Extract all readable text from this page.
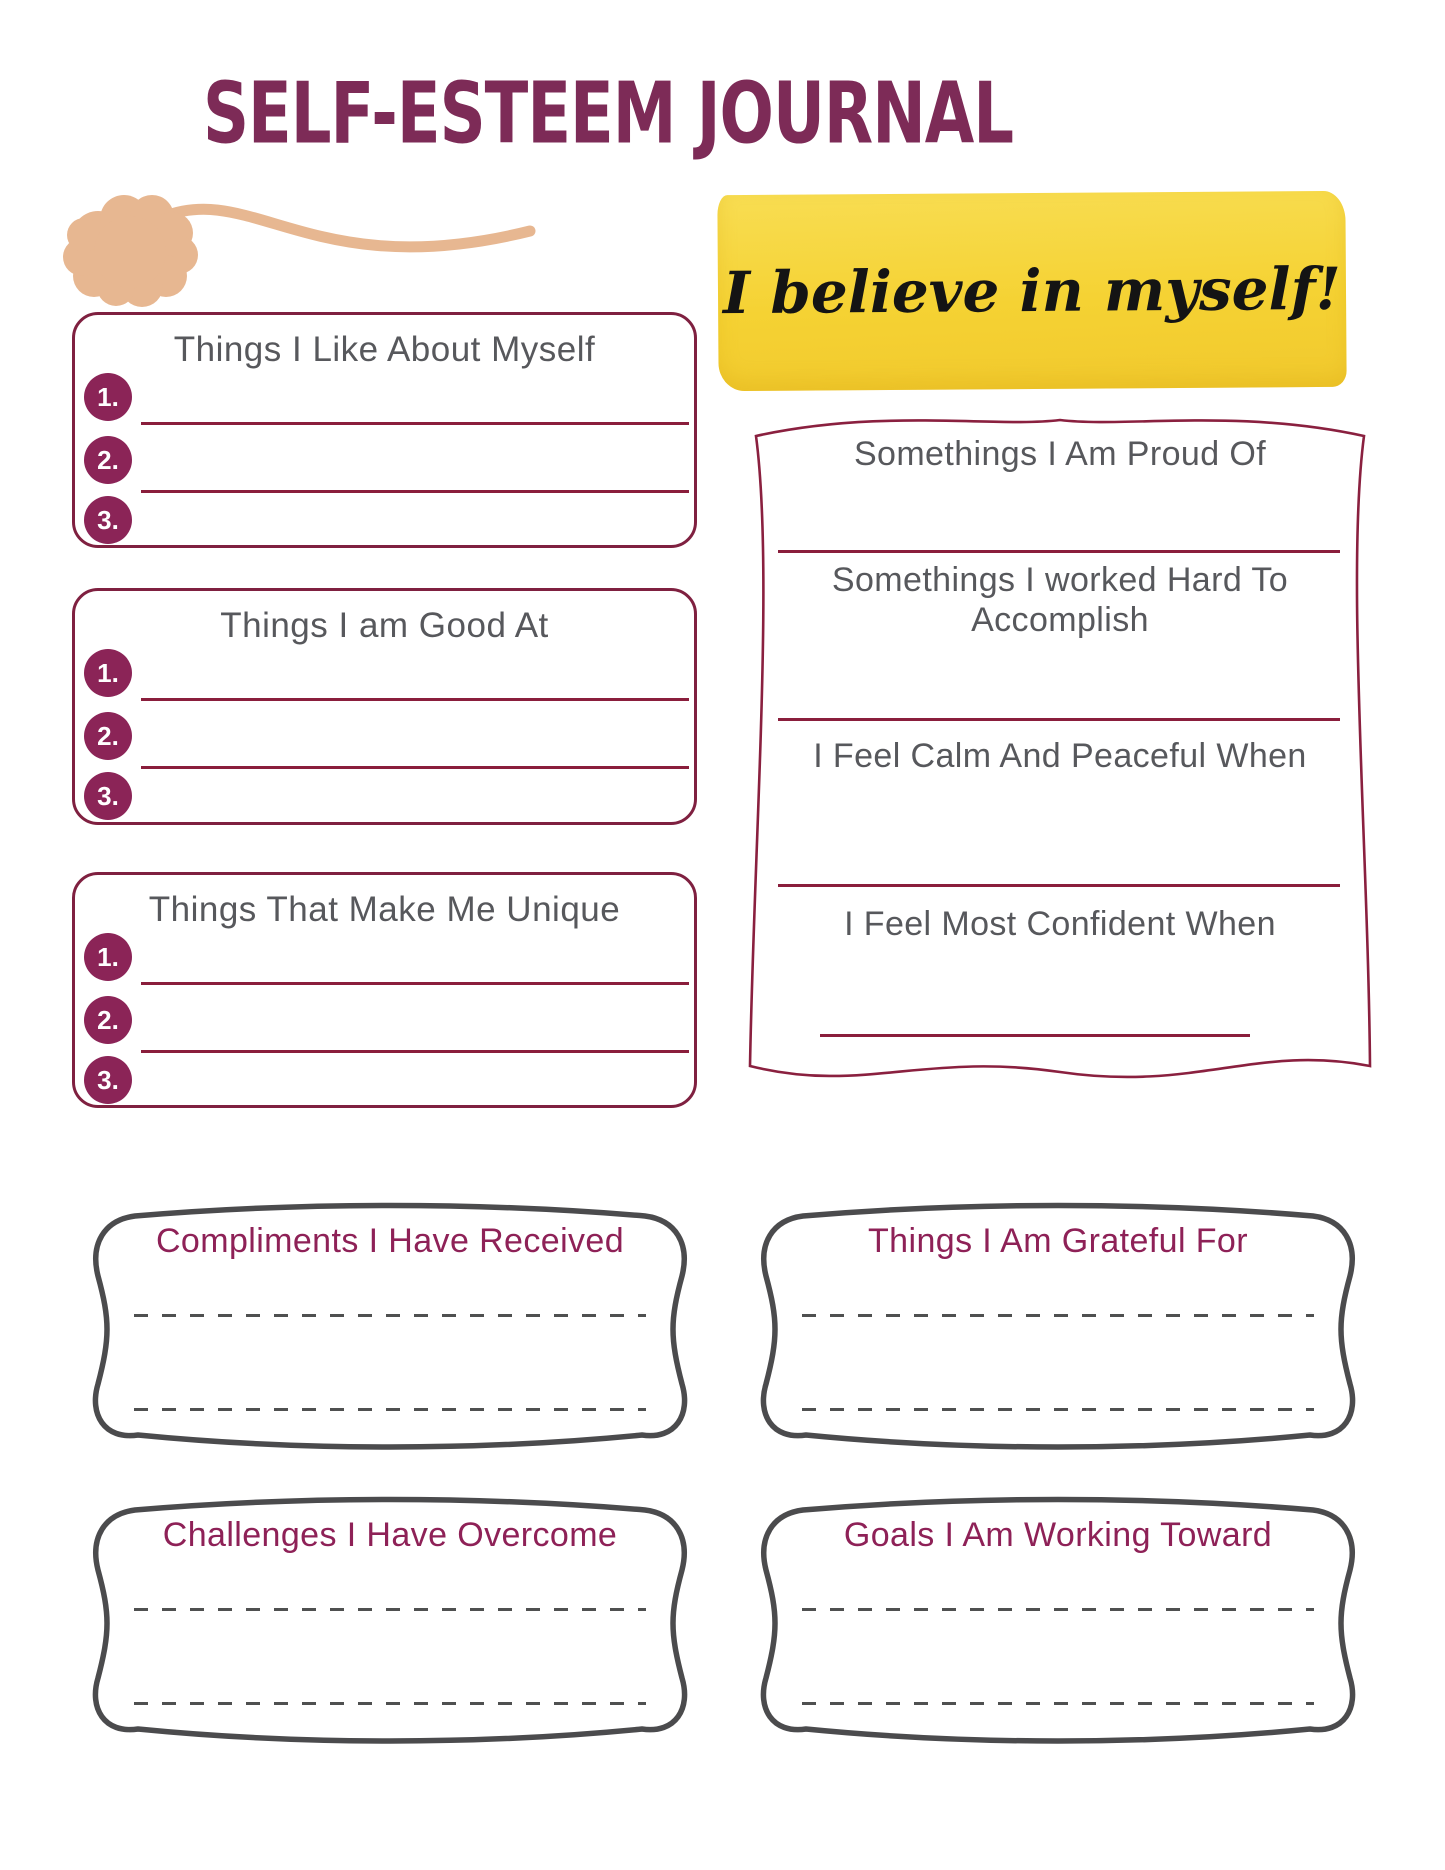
SELF-ESTEEM JOURNAL
I believe in myself!
Things I Like About Myself
1.
2.
3.
Things I am Good At
1.
2.
3.
Things That Make Me Unique
1.
2.
3.
Somethings I Am Proud Of
Somethings I worked Hard To Accomplish
I Feel Calm And Peaceful When
I Feel Most Confident When
Compliments I Have Received	Things I Am Grateful For
Challenges I Have Overcome	Goals I Am Working Toward
